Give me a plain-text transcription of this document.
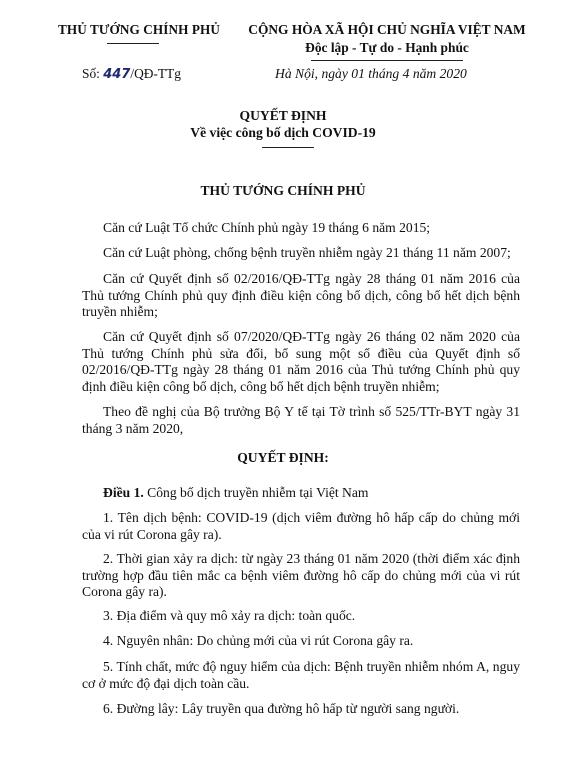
THỦ TƯỚNG CHÍNH PHỦ	CỘNG HÒA XÃ HỘI CHỦ NGHĨA VIỆT NAM
Độc lập - Tự do - Hạnh phúc
Số: 447/QĐ-TTg	Hà Nội, ngày 01 tháng 4 năm 2020
QUYẾT ĐỊNH
Về việc công bố dịch COVID-19
THỦ TƯỚNG CHÍNH PHỦ
Căn cứ Luật Tổ chức Chính phủ ngày 19 tháng 6 năm 2015;
Căn cứ Luật phòng, chống bệnh truyền nhiễm ngày 21 tháng 11 năm 2007;
Căn cứ Quyết định số 02/2016/QĐ-TTg ngày 28 tháng 01 năm 2016 của Thủ tướng Chính phủ quy định điều kiện công bố dịch, công bố hết dịch bệnh truyền nhiễm;
Căn cứ Quyết định số 07/2020/QĐ-TTg ngày 26 tháng 02 năm 2020 của Thủ tướng Chính phủ sửa đổi, bổ sung một số điều của Quyết định số 02/2016/QĐ-TTg ngày 28 tháng 01 năm 2016 của Thủ tướng Chính phủ quy định điều kiện công bố dịch, công bố hết dịch bệnh truyền nhiễm;
Theo đề nghị của Bộ trưởng Bộ Y tế tại Tờ trình số 525/TTr-BYT ngày 31 tháng 3 năm 2020,
QUYẾT ĐỊNH:
Điều 1. Công bố dịch truyền nhiễm tại Việt Nam
1. Tên dịch bệnh: COVID-19 (dịch viêm đường hô hấp cấp do chủng mới của vi rút Corona gây ra).
2. Thời gian xảy ra dịch: từ ngày 23 tháng 01 năm 2020 (thời điểm xác định trường hợp đầu tiên mắc ca bệnh viêm đường hô cấp do chủng mới của vi rút Corona gây ra).
3. Địa điểm và quy mô xảy ra dịch: toàn quốc.
4. Nguyên nhân: Do chủng mới của vi rút Corona gây ra.
5. Tính chất, mức độ nguy hiểm của dịch: Bệnh truyền nhiễm nhóm A, nguy cơ ở mức độ đại dịch toàn cầu.
6. Đường lây: Lây truyền qua đường hô hấp từ người sang người.
